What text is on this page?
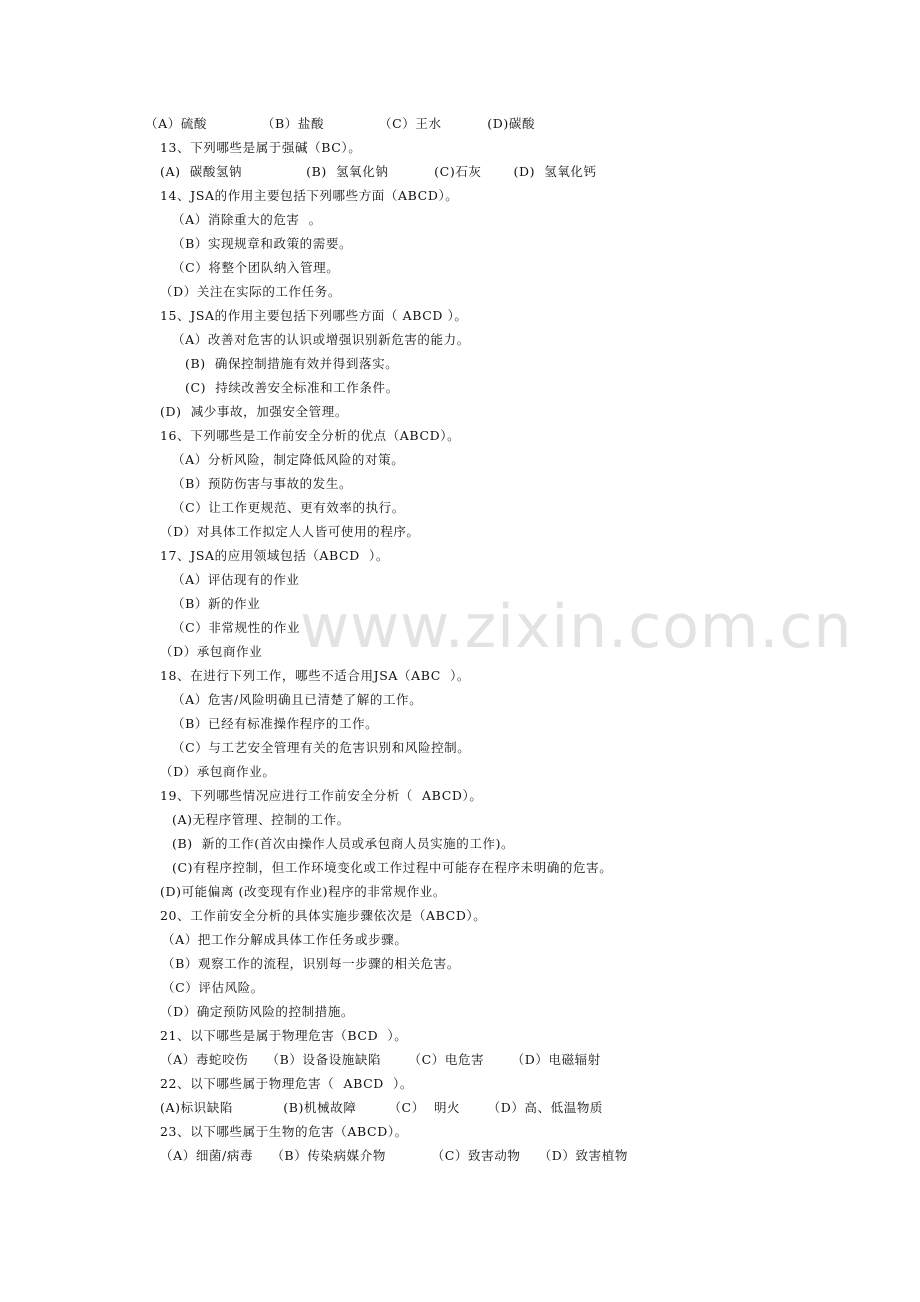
www.zixin.com.cn
（A）硫酸            （B）盐酸            （C）王水          (D)碳酸
13、下列哪些是属于强碱（BC）。
(A)  碳酸氢钠              (B)  氢氧化钠          (C)石灰       (D)  氢氧化钙
14、JSA的作用主要包括下列哪些方面（ABCD）。
（A）消除重大的危害  。
（B）实现规章和政策的需要。
（C）将整个团队纳入管理。
（D）关注在实际的工作任务。
15、JSA的作用主要包括下列哪些方面（ ABCD ）。
（A）改善对危害的认识或增强识别新危害的能力。
(B)  确保控制措施有效并得到落实。
(C)  持续改善安全标准和工作条件。
(D)  减少事故，加强安全管理。
16、下列哪些是工作前安全分析的优点（ABCD）。
（A）分析风险，制定降低风险的对策。
（B）预防伤害与事故的发生。
（C）让工作更规范、更有效率的执行。
（D）对具体工作拟定人人皆可使用的程序。
17、JSA的应用领域包括（ABCD  ）。
（A）评估现有的作业
（B）新的作业
（C）非常规性的作业
（D）承包商作业
18、在进行下列工作，哪些不适合用JSA（ABC  ）。
（A）危害/风险明确且已清楚了解的工作。
（B）已经有标准操作程序的工作。
（C）与工艺安全管理有关的危害识别和风险控制。
（D）承包商作业。
19、下列哪些情况应进行工作前安全分析（  ABCD）。
(A)无程序管理、控制的工作。
(B)  新的工作(首次由操作人员或承包商人员实施的工作)。
(C)有程序控制，但工作环境变化或工作过程中可能存在程序未明确的危害。
(D)可能偏离 (改变现有作业)程序的非常规作业。
20、工作前安全分析的具体实施步骤依次是（ABCD）。
（A）把工作分解成具体工作任务或步骤。
（B）观察工作的流程，识别每一步骤的相关危害。
（C）评估风险。
（D）确定预防风险的控制措施。
21、以下哪些是属于物理危害（BCD  ）。
（A）毒蛇咬伤    （B）设备设施缺陷      （C）电危害      （D）电磁辐射
22、以下哪些属于物理危害（  ABCD  ）。
(A)标识缺陷           (B)机械故障       （C）  明火      （D）高、低温物质
23、以下哪些属于生物的危害（ABCD）。
（A）细菌/病毒    （B）传染病媒介物          （C）致害动物    （D）致害植物
